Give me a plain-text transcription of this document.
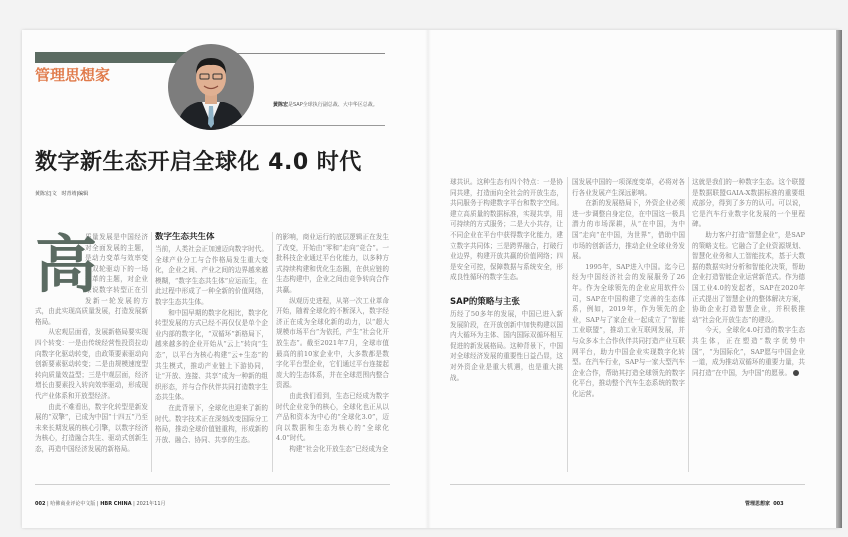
管理思想家
黄陈宏是SAP全球执行副总裁、大中华区总裁。
数字新生态开启全球化 4.0 时代
黄陈宏|文 时青靖|编辑

质量发展是中国经济对全面发展的主题，是动力变革与效率变革双轮驱动下的一场变革的主题，对企业来说数字转型正在引发新一轮发展的方式，由此实现高质量发展，打造发展新格局。

从宏观层面看，发展新格局要实现四个转变：一是由传统经营性投资拉动向数字化驱动转变，由政策要素驱动向创新要素驱动转变；二是由规模速度型转向质量效益型；三是中观层面，经济增长由要素投入转向效率驱动，形成现代产业体系和开放型经济。

由此不难看出，数字化转型是新发展的“双擎”，已成为中国“十四五”乃至未来长期发展的核心引擎，以数字经济为核心，打造融合共生、驱动式创新生态，再造中国经济发展的新格局。

高	数字生态共生体

当前，人类社会正加速迈向数字时代。全球产业分工与合作格局发生重大变化，企业之间、产业之间的边界越来越模糊，“数字生态共生体”应运而生，在此过程中形成了一种全新的价值网络，数字生态共生体。

和中国早期的数字化相比，数字化转型发展的方式已经不再仅仅是单个企业内部的数字化，“双循环”新格局下，越来越多的企业开始从“云上”转向“生态”，以平台为核心构建“云+生态”的共生模式，推动产业链上下游协同，让“开放、连接、共享”成为一种新的组织形态，并与合作伙伴共同打造数字生态共生体。

在此背景下，全球化也迎来了新的时代。数字技术正在深刻改变国际分工格局，推动全球价值链重构，形成新的开放、融合、协同、共享的生态。

的影响，商业运行的底层逻辑正在发生了改变，开始由“零和”走向“竞合”。一批科技企业通过平台化能力，以多种方式持续构建和优化生态圈，在供应链的生态构建中，企业之间由竞争转向合作共赢。

纵观历史进程，从第一次工业革命开始，随着全球化的不断深入，数字经济正在成为全球化新的动力，以“超大规模市场平台”为依托，产生“社会化开放生态”。截至2021年7月，全球市值最高的前10家企业中，大多数都是数字化平台型企业，它们通过平台连接起庞大的生态体系，并在全球范围内整合资源。

由此我们看到，生态已经成为数字时代企业竞争的核心，全球化也正从以产品和资本为中心的“全球化3.0”，迈向以数据和生态为核心的“全球化4.0”时代。

构建“社会化开放生态”已经成为全

球共识。这种生态有四个特点：一是协同共建，打造面向全社会的开放生态，共同服务于构建数字平台和数字空间。建立高质量的数据标准，实现共享，用可持续的方式服务；二是大小共存，让不同企业在平台中获得数字化能力，建立数字共同体；三是跨界融合，打破行业边界，构建开放共赢的价值网络；四是安全可控，保障数据与系统安全，形成良性循环的数字生态。

SAP的策略与主张

历经了50多年的发展，中国已进入新发展阶段，在开放创新中加快构建以国内大循环为主体、国内国际双循环相互促进的新发展格局。这种背景下，中国对全球经济发展的重要性日益凸显，这对外资企业是重大机遇，也是重大挑战。

国发展中国的一项深度变革，必将对各行各业发展产生深远影响。

在新的发展格局下，外资企业必须进一步调整自身定位，在中国这一极具潜力的市场深耕，从“在中国，为中国”走向“在中国，为世界”，借助中国市场的创新活力，推动企业全球业务发展。

1995年，SAP进入中国。迄今已经为中国经济社会的发展服务了26年。作为全球领先的企业应用软件公司，SAP在中国构建了完善的生态体系，例如，2019年，作为领先的企业，SAP与了家企业一起成立了“智能工业联盟”，推动工业互联网发展，并与众多本土合作伙伴共同打造产业互联网平台，助力中国企业实现数字化转型。在汽车行业，SAP与一家大型汽车企业合作，帮助其打造全球领先的数字化平台，推动整个汽车生态系统的数字化运营。

这就是我们的一种数字生态。这个联盟是数据联盟GAIA-X数据标准的重要组成部分，得到了多方的认可。可以说，它是汽车行业数字化发展的一个里程碑。

助力客户打造“智慧企业”，是SAP的策略支柱。它融合了企业资源规划、智慧化业务和人工智能技术，基于大数据的数据实时分析和智能化决策，帮助企业打造智能企业运营新范式。作为德国工业4.0的发起者，SAP在2020年正式提出了智慧企业的整体解决方案，协助企业打造智慧企业，并积极推动“社会化开放生态”的建设。

今天，全球化4.0打造的数字生态共生体，正在塑造“数字优势中国”，“为国际化”，SAP愿与中国企业一道，成为推动双循环的重要力量，共同打造“在中国，为中国”的愿景。

002 | 哈佛商业评论中文版 | HBR CHINA | 2021年11月	管理思想家 003
